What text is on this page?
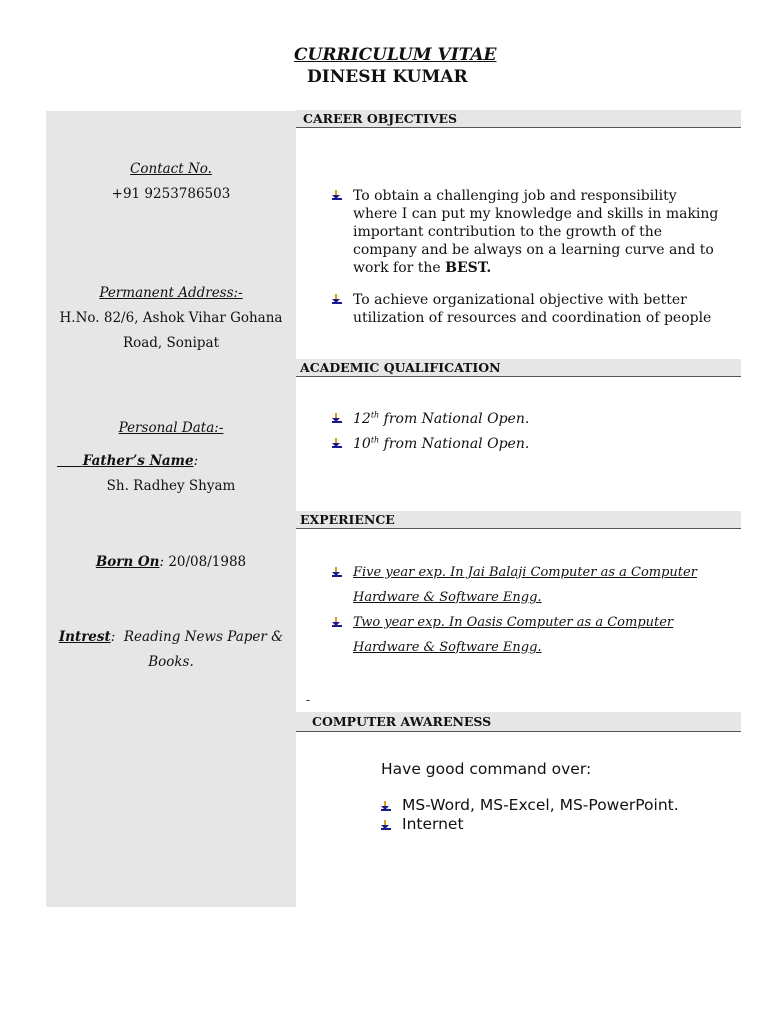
CURRICULUM VITAE
DINESH KUMAR
Contact No.
+91 9253786503
Permanent Address:-
H.No. 82/6, Ashok Vihar Gohana
Road, Sonipat
Personal Data:-
Father’s Name:
Sh. Radhey Shyam
Born On: 20/08/1988
Intrest:  Reading News Paper &
Books.
CAREER OBJECTIVES
To obtain a challenging job and responsibility where I can put my knowledge and skills in making important contribution to the growth of the company and be always on a learning curve and to work for the BEST.
To achieve organizational objective with better utilization of resources and coordination of people
ACADEMIC QUALIFICATION
12th from National Open.
10th from National Open.
EXPERIENCE
Five year exp. In Jai Balaji Computer as a Computer Hardware & Software Engg.
Two year exp. In Oasis Computer as a Computer Hardware & Software Engg.
-
COMPUTER AWARENESS
Have good command over:
MS-Word, MS-Excel, MS-PowerPoint.
Internet
